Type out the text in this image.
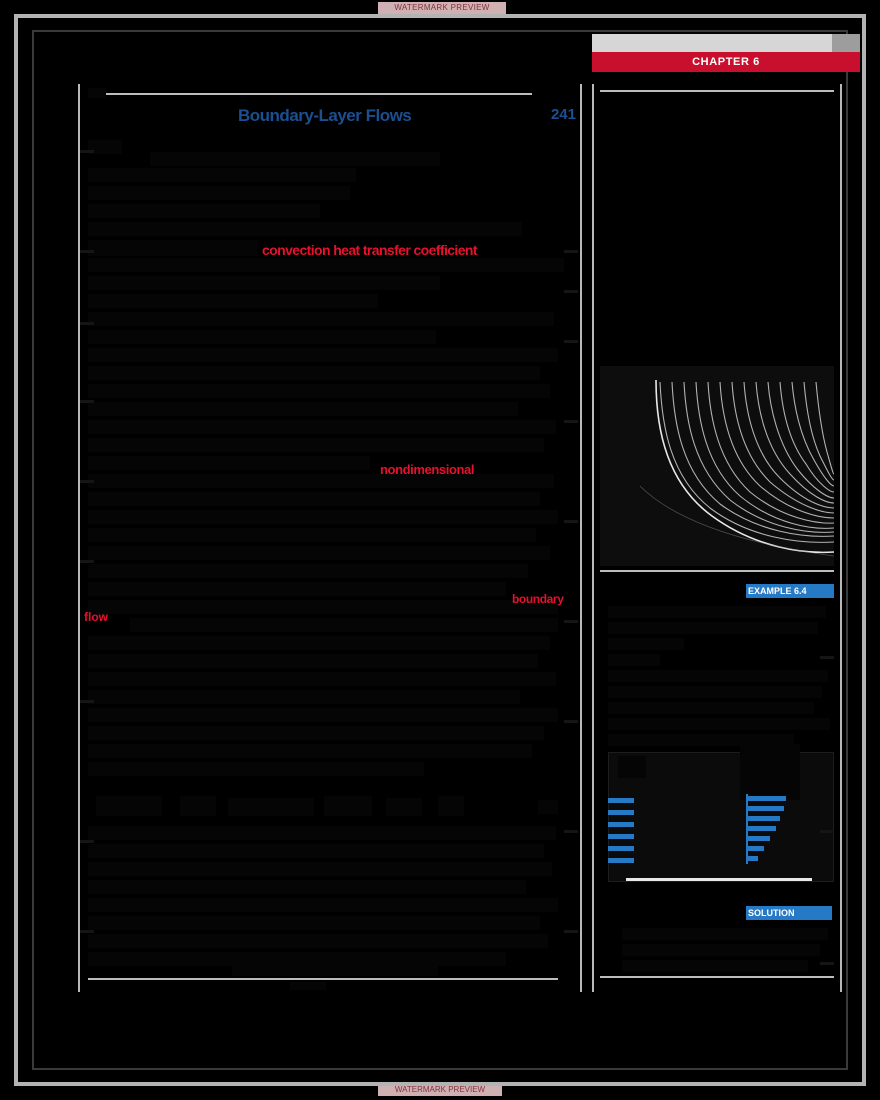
WATERMARK PREVIEW
WATERMARK PREVIEW
CHAPTER 6
Boundary-Layer Flows	241
convection heat transfer coefficient
nondimensional
boundary
flow
EXAMPLE 6.4
SOLUTION
